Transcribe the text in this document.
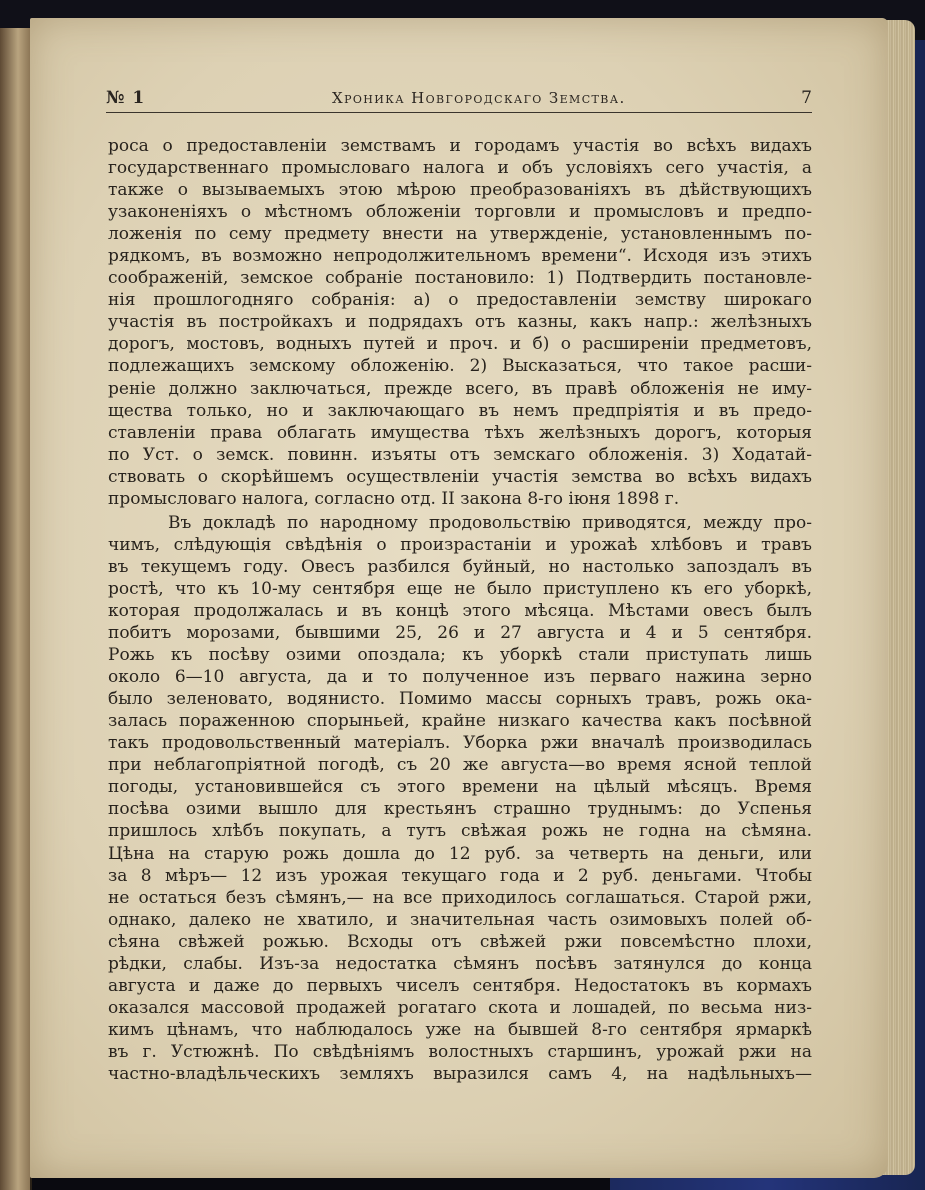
№ 1	Хроника Новгородскаго Земства.	7
роса о предоставленіи земствамъ и городамъ участія во всѣхъ видахъ
государственнаго промысловаго налога и объ условіяхъ сего участія, а
также о вызываемыхъ этою мѣрою преобразованіяхъ въ дѣйствующихъ
узаконеніяхъ о мѣстномъ обложеніи торговли и промысловъ и предпо-
ложенія по сему предмету внести на утвержденіе, установленнымъ по-
рядкомъ, въ возможно непродолжительномъ времени“. Исходя изъ этихъ
соображеній, земское собраніе постановило: 1) Подтвердить постановле-
нія прошлогодняго собранія: а) о предоставленіи земству широкаго
участія въ постройкахъ и подрядахъ отъ казны, какъ напр.: желѣзныхъ
дорогъ, мостовъ, водныхъ путей и проч. и б) о расширеніи предметовъ,
подлежащихъ земскому обложенію. 2) Высказаться, что такое расши-
реніе должно заключаться, прежде всего, въ правѣ обложенія не иму-
щества только, но и заключающаго въ немъ предпріятія и въ предо-
ставленіи права облагать имущества тѣхъ желѣзныхъ дорогъ, которыя
по Уст. о земск. повинн. изъяты отъ земскаго обложенія. 3) Ходатай-
ствовать о скорѣйшемъ осуществленіи участія земства во всѣхъ видахъ
промысловаго налога, согласно отд. II закона 8-го іюня 1898 г.
Въ докладѣ по народному продовольствію приводятся, между про-
чимъ, слѣдующія свѣдѣнія о произрастаніи и урожаѣ хлѣбовъ и травъ
въ текущемъ году. Овесъ разбился буйный, но настолько запоздалъ въ
ростѣ, что къ 10-му сентября еще не было приступлено къ его уборкѣ,
которая продолжалась и въ концѣ этого мѣсяца. Мѣстами овесъ былъ
побитъ морозами, бывшими 25, 26 и 27 августа и 4 и 5 сентября.
Рожь къ посѣву озими опоздала; къ уборкѣ стали приступать лишь
около 6—10 августа, да и то полученное изъ перваго нажина зерно
было зеленовато, водянисто. Помимо массы сорныхъ травъ, рожь ока-
залась пораженною спорыньей, крайне низкаго качества какъ посѣвной
такъ продовольственный матеріалъ. Уборка ржи вначалѣ производилась
при неблагопріятной погодѣ, съ 20 же августа—во время ясной теплой
погоды, установившейся съ этого времени на цѣлый мѣсяцъ. Время
посѣва озими вышло для крестьянъ страшно труднымъ: до Успенья
пришлось хлѣбъ покупать, а тутъ свѣжая рожь не годна на сѣмяна.
Цѣна на старую рожь дошла до 12 руб. за четверть на деньги, или
за 8 мѣръ— 12 изъ урожая текущаго года и 2 руб. деньгами. Чтобы
не остаться безъ сѣмянъ,— на все приходилось соглашаться. Старой ржи,
однако, далеко не хватило, и значительная часть озимовыхъ полей об-
сѣяна свѣжей рожью. Всходы отъ свѣжей ржи повсемѣстно плохи,
рѣдки, слабы. Изъ-за недостатка сѣмянъ посѣвъ затянулся до конца
августа и даже до первыхъ чиселъ сентября. Недостатокъ въ кормахъ
оказался массовой продажей рогатаго скота и лошадей, по весьма низ-
кимъ цѣнамъ, что наблюдалось уже на бывшей 8-го сентября ярмаркѣ
въ г. Устюжнѣ. По свѣдѣніямъ волостныхъ старшинъ, урожай ржи на
частно-владѣльческихъ земляхъ выразился самъ 4, на надѣльныхъ—
